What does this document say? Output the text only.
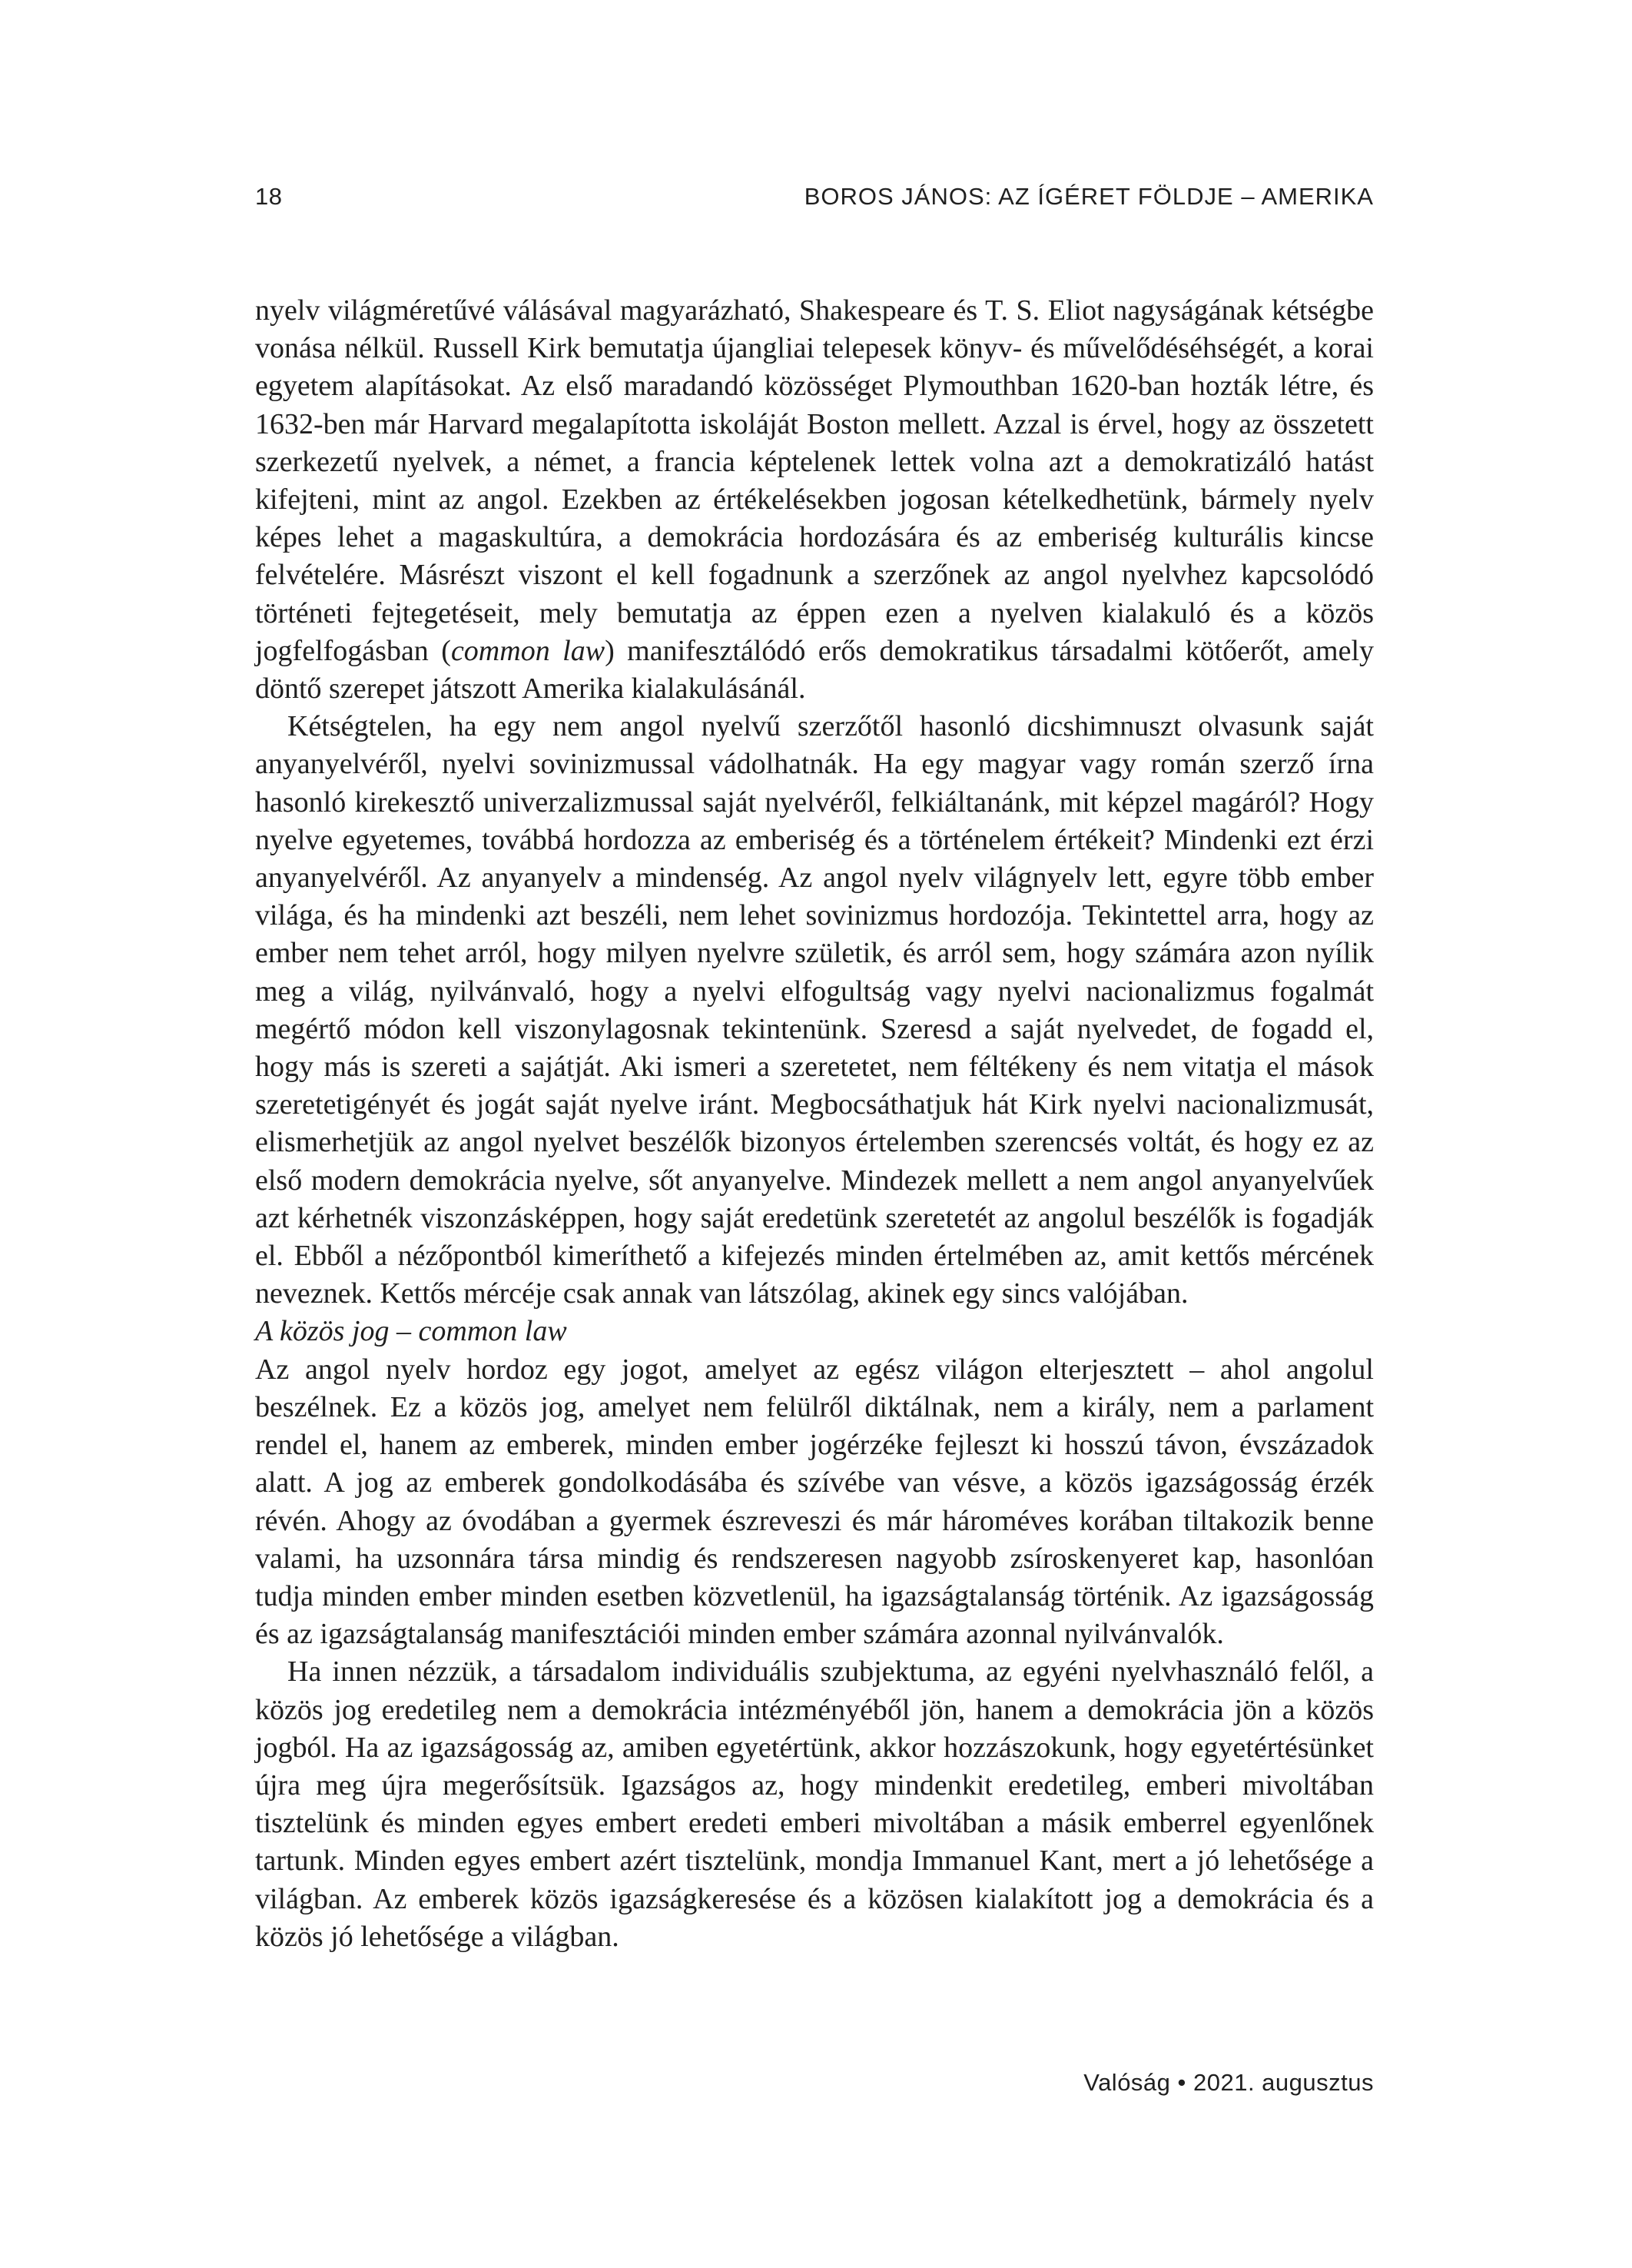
18	BOROS JÁNOS: AZ ÍGÉRET FÖLDJE – AMERIKA

nyelv világméretűvé válásával magyarázható, Shakespeare és T. S. Eliot nagyságának kétségbe vonása nélkül. Russell Kirk bemutatja újangliai telepesek könyv- és művelődéséhségét, a korai egyetem alapításokat. Az első maradandó közösséget Plymouthban 1620-ban hozták létre, és 1632-ben már Harvard megalapította iskoláját Boston mellett. Azzal is érvel, hogy az összetett szerkezetű nyelvek, a német, a francia képtelenek lettek volna azt a demokratizáló hatást kifejteni, mint az angol. Ezekben az értékelésekben jogosan kételkedhetünk, bármely nyelv képes lehet a magaskultúra, a demokrácia hordozására és az emberiség kulturális kincse felvételére. Másrészt viszont el kell fogadnunk a szerzőnek az angol nyelvhez kapcsolódó történeti fejtegetéseit, mely bemutatja az éppen ezen a nyelven kialakuló és a közös jogfelfogásban (common law) manifesztálódó erős demokratikus társadalmi kötőerőt, amely döntő szerepet játszott Amerika kialakulásánál.

Kétségtelen, ha egy nem angol nyelvű szerzőtől hasonló dicshimnuszt olvasunk saját anyanyelvéről, nyelvi sovinizmussal vádolhatnák. Ha egy magyar vagy román szerző írna hasonló kirekesztő univerzalizmussal saját nyelvéről, felkiáltanánk, mit képzel magáról? Hogy nyelve egyetemes, továbbá hordozza az emberiség és a történelem értékeit? Mindenki ezt érzi anyanyelvéről. Az anyanyelv a mindenség. Az angol nyelv világnyelv lett, egyre több ember világa, és ha mindenki azt beszéli, nem lehet sovinizmus hordozója. Tekintettel arra, hogy az ember nem tehet arról, hogy milyen nyelvre születik, és arról sem, hogy számára azon nyílik meg a világ, nyilvánvaló, hogy a nyelvi elfogultság vagy nyelvi nacionalizmus fogalmát megértő módon kell viszonylagosnak tekintenünk. Szeresd a saját nyelvedet, de fogadd el, hogy más is szereti a sajátját. Aki ismeri a szeretetet, nem féltékeny és nem vitatja el mások szeretetigényét és jogát saját nyelve iránt. Megbocsáthatjuk hát Kirk nyelvi nacionalizmusát, elismerhetjük az angol nyelvet beszélők bizonyos értelemben szerencsés voltát, és hogy ez az első modern demokrácia nyelve, sőt anyanyelve. Mindezek mellett a nem angol anyanyelvűek azt kérhetnék viszonzásképpen, hogy saját eredetünk szeretetét az angolul beszélők is fogadják el. Ebből a nézőpontból kimeríthető a kifejezés minden értelmében az, amit kettős mércének neveznek. Kettős mércéje csak annak van látszólag, akinek egy sincs valójában.

A közös jog – common law

Az angol nyelv hordoz egy jogot, amelyet az egész világon elterjesztett – ahol angolul beszélnek. Ez a közös jog, amelyet nem felülről diktálnak, nem a király, nem a parlament rendel el, hanem az emberek, minden ember jogérzéke fejleszt ki hosszú távon, évszázadok alatt. A jog az emberek gondolkodásába és szívébe van vésve, a közös igazságosság érzék révén. Ahogy az óvodában a gyermek észreveszi és már hároméves korában tiltakozik benne valami, ha uzsonnára társa mindig és rendszeresen nagyobb zsíroskenyeret kap, hasonlóan tudja minden ember minden esetben közvetlenül, ha igazságtalanság történik. Az igazságosság és az igazságtalanság manifesztációi minden ember számára azonnal nyilvánvalók.

Ha innen nézzük, a társadalom individuális szubjektuma, az egyéni nyelvhasználó felől, a közös jog eredetileg nem a demokrácia intézményéből jön, hanem a demokrácia jön a közös jogból. Ha az igazságosság az, amiben egyetértünk, akkor hozzászokunk, hogy egyetértésünket újra meg újra megerősítsük. Igazságos az, hogy mindenkit eredetileg, emberi mivoltában tisztelünk és minden egyes embert eredeti emberi mivoltában a másik emberrel egyenlőnek tartunk. Minden egyes embert azért tisztelünk, mondja Immanuel Kant, mert a jó lehetősége a világban. Az emberek közös igazságkeresése és a közösen kialakított jog a demokrácia és a közös jó lehetősége a világban.

Valóság • 2021. augusztus
